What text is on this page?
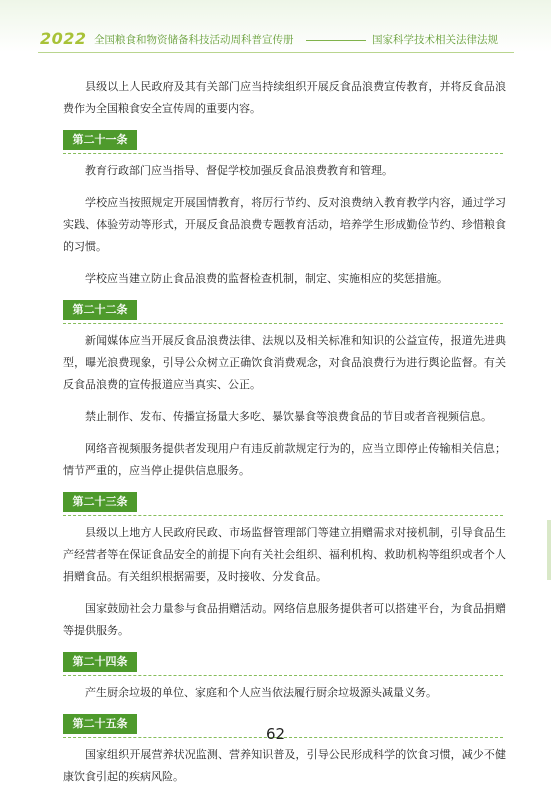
2022 全国粮食和物资储备科技活动周科普宣传册	国家科学技术相关法律法规

县级以上人民政府及其有关部门应当持续组织开展反食品浪费宣传教育，并将反食品浪费作为全国粮食安全宣传周的重要内容。

第二十一条

教育行政部门应当指导、督促学校加强反食品浪费教育和管理。

学校应当按照规定开展国情教育，将厉行节约、反对浪费纳入教育教学内容，通过学习实践、体验劳动等形式，开展反食品浪费专题教育活动，培养学生形成勤俭节约、珍惜粮食的习惯。

学校应当建立防止食品浪费的监督检查机制，制定、实施相应的奖惩措施。

第二十二条

新闻媒体应当开展反食品浪费法律、法规以及相关标准和知识的公益宣传，报道先进典型，曝光浪费现象，引导公众树立正确饮食消费观念，对食品浪费行为进行舆论监督。有关反食品浪费的宣传报道应当真实、公正。

禁止制作、发布、传播宣扬量大多吃、暴饮暴食等浪费食品的节目或者音视频信息。

网络音视频服务提供者发现用户有违反前款规定行为的，应当立即停止传输相关信息；情节严重的，应当停止提供信息服务。

第二十三条

县级以上地方人民政府民政、市场监督管理部门等建立捐赠需求对接机制，引导食品生产经营者等在保证食品安全的前提下向有关社会组织、福利机构、救助机构等组织或者个人捐赠食品。有关组织根据需要，及时接收、分发食品。

国家鼓励社会力量参与食品捐赠活动。网络信息服务提供者可以搭建平台，为食品捐赠等提供服务。

第二十四条

产生厨余垃圾的单位、家庭和个人应当依法履行厨余垃圾源头减量义务。

第二十五条

国家组织开展营养状况监测、营养知识普及，引导公民形成科学的饮食习惯，减少不健康饮食引起的疾病风险。

62
